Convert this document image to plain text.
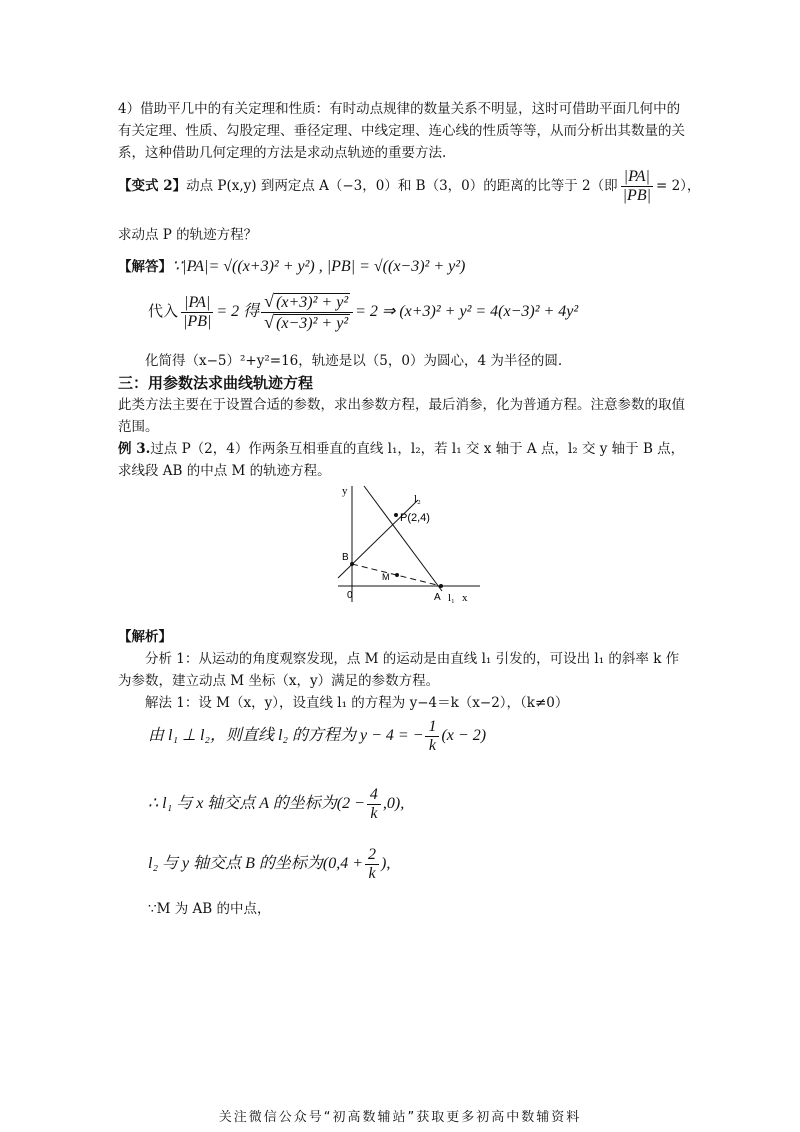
4）借助平几中的有关定理和性质：有时动点规律的数量关系不明显，这时可借助平面几何中的有关定理、性质、勾股定理、垂径定理、中线定理、连心线的性质等等，从而分析出其数量的关系，这种借助几何定理的方法是求动点轨迹的重要方法.
【变式 2】动点 P(x,y) 到两定点 A（−3，0）和 B（3，0）的距离的比等于 2（即 $\frac{|PA|}{|PB|} = 2$），
求动点 P 的轨迹方程？
【解答】∵|PA|= √((x+3)² + y²) , |PB| = √((x−3)² + y²)
代入 $\frac{|PA|}{|PB|} = 2$ 得 $\frac{\text{√ (x+3)² + y²}}{\text{√ (x−3)² + y²}} = 2$ ⇒ (x+3)² + y² = 4(x−3)² + 4y²
化简得（x−5）²+y²=16，轨迹是以（5，0）为圆心，4 为半径的圆.
三：用参数法求曲线轨迹方程
此类方法主要在于设置合适的参数，求出参数方程，最后消参，化为普通方程。注意参数的取值范围。
例 3.过点 P（2，4）作两条互相垂直的直线 l₁，l₂，若 l₁ 交 x 轴于 A 点，l₂ 交 y 轴于 B 点，求线段 AB 的中点 M 的轨迹方程。
y
x
0
P(2,4)
B
A
M
l₁
l₂
【解析】
分析 1：从运动的角度观察发现，点 M 的运动是由直线 l₁ 引发的，可设出 l₁ 的斜率 k 作为参数，建立动点 M 坐标（x，y）满足的参数方程。
解法 1：设 M（x，y），设直线 l₁ 的方程为 y−4＝k（x−2），（k≠0）
由 l₁ ⊥ l₂，则直线 l₂ 的方程为 y − 4 = − $\frac{1}{k} (x - 2)$
∴ l₁ 与 x 轴交点 A 的坐标为$(2 - \frac{4}{k} ,0)$,
l₂ 与 y 轴交点 B 的坐标为($0,4 + \frac{2}{k}$ ),
∵M 为 AB 的中点，
关注微信公众号“初高数辅站”获取更多初高中数辅资料
